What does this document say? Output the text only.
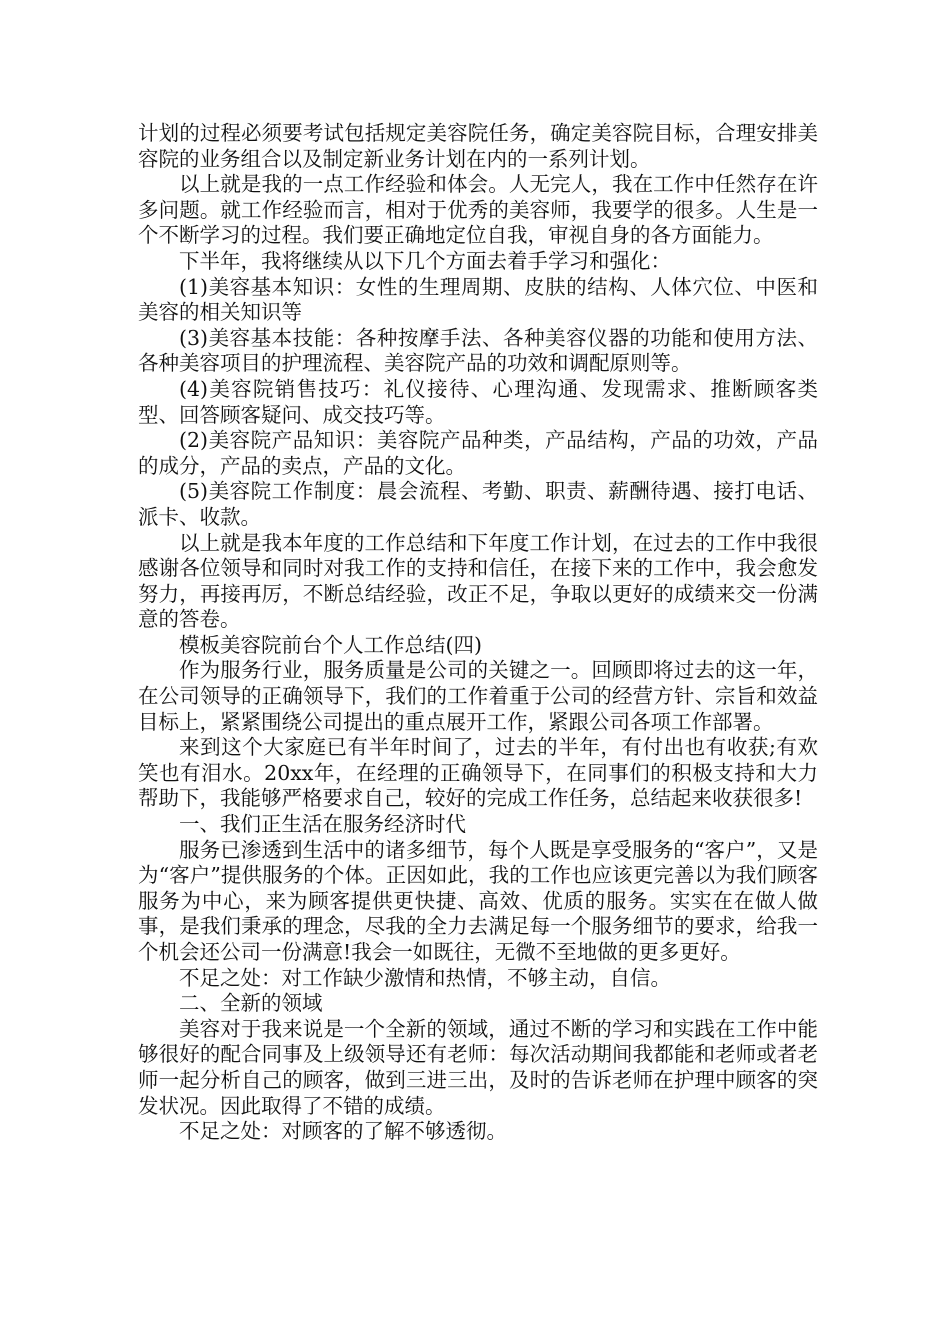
计划的过程必须要考试包括规定美容院任务，确定美容院目标，合理安排美容院的业务组合以及制定新业务计划在内的一系列计划。

以上就是我的一点工作经验和体会。人无完人，我在工作中任然存在许多问题。就工作经验而言，相对于优秀的美容师，我要学的很多。人生是一个不断学习的过程。我们要正确地定位自我，审视自身的各方面能力。

下半年，我将继续从以下几个方面去着手学习和强化：

(1)美容基本知识：女性的生理周期、皮肤的结构、人体穴位、中医和美容的相关知识等

(3)美容基本技能：各种按摩手法、各种美容仪器的功能和使用方法、各种美容项目的护理流程、美容院产品的功效和调配原则等。

(4)美容院销售技巧：礼仪接待、心理沟通、发现需求、推断顾客类型、回答顾客疑问、成交技巧等。

(2)美容院产品知识：美容院产品种类，产品结构，产品的功效，产品的成分，产品的卖点，产品的文化。

(5)美容院工作制度：晨会流程、考勤、职责、薪酬待遇、接打电话、派卡、收款。

以上就是我本年度的工作总结和下年度工作计划，在过去的工作中我很感谢各位领导和同时对我工作的支持和信任，在接下来的工作中，我会愈发努力，再接再厉，不断总结经验，改正不足，争取以更好的成绩来交一份满意的答卷。

模板美容院前台个人工作总结(四)

作为服务行业，服务质量是公司的关键之一。回顾即将过去的这一年，在公司领导的正确领导下，我们的工作着重于公司的经营方针、宗旨和效益目标上，紧紧围绕公司提出的重点展开工作，紧跟公司各项工作部署。

来到这个大家庭已有半年时间了，过去的半年，有付出也有收获;有欢笑也有泪水。20xx年，在经理的正确领导下，在同事们的积极支持和大力帮助下，我能够严格要求自己，较好的完成工作任务，总结起来收获很多!

一、我们正生活在服务经济时代

服务已渗透到生活中的诸多细节，每个人既是享受服务的“客户”，又是为“客户”提供服务的个体。正因如此，我的工作也应该更完善以为我们顾客服务为中心，来为顾客提供更快捷、高效、优质的服务。实实在在做人做事，是我们秉承的理念，尽我的全力去满足每一个服务细节的要求，给我一个机会还公司一份满意!我会一如既往，无微不至地做的更多更好。

不足之处：对工作缺少激情和热情，不够主动，自信。

二、全新的领域

美容对于我来说是一个全新的领域，通过不断的学习和实践在工作中能够很好的配合同事及上级领导还有老师：每次活动期间我都能和老师或者老师一起分析自己的顾客，做到三进三出，及时的告诉老师在护理中顾客的突发状况。因此取得了不错的成绩。

不足之处：对顾客的了解不够透彻。
